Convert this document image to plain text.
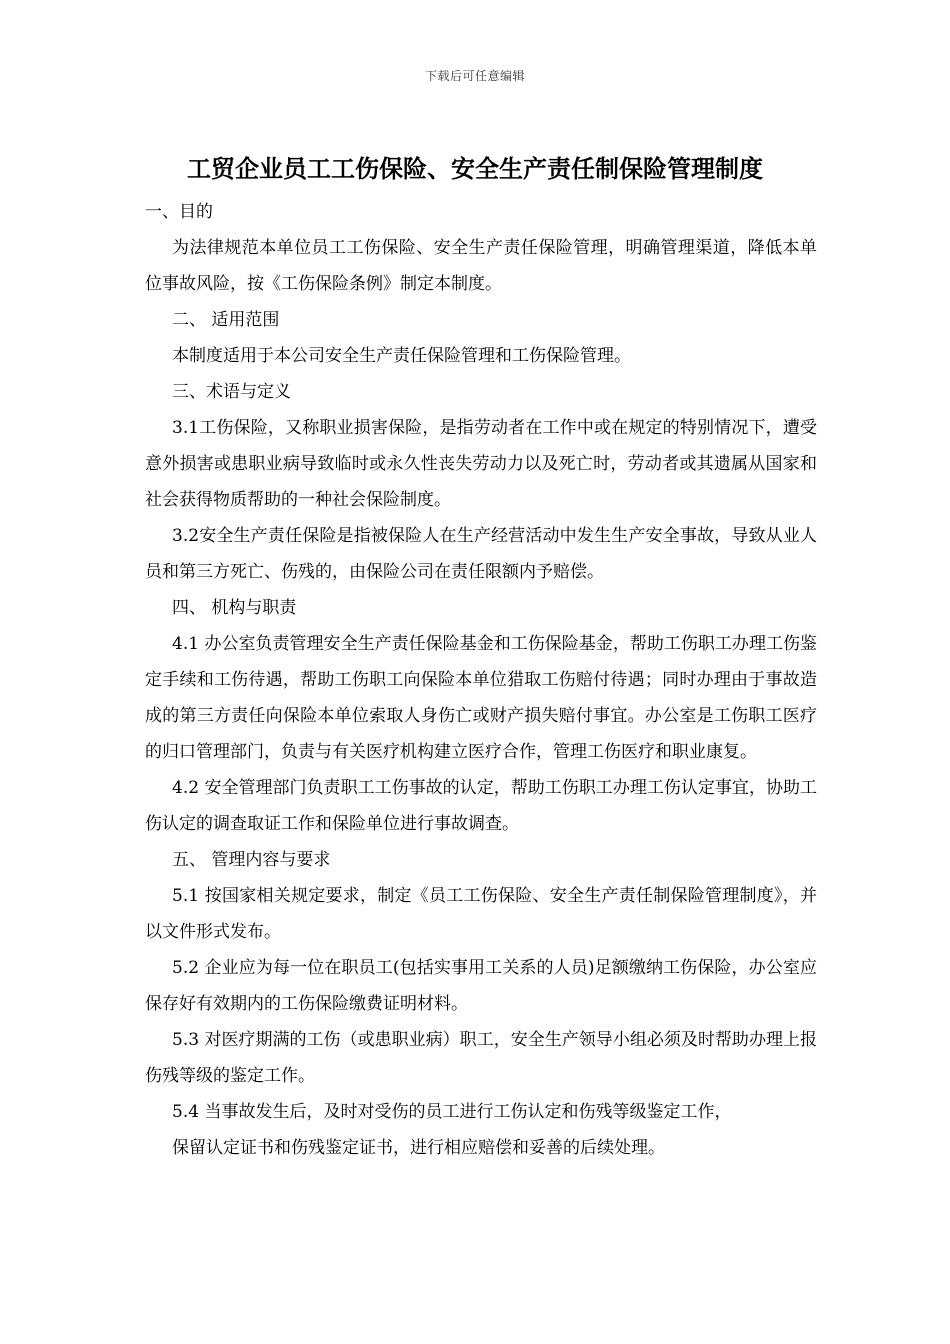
下载后可任意编辑
工贸企业员工工伤保险、安全生产责任制保险管理制度

一、目的

为法律规范本单位员工工伤保险、安全生产责任保险管理，明确管理渠道，降低本单位事故风险，按《工伤保险条例》制定本制度。

二、 适用范围

本制度适用于本公司安全生产责任保险管理和工伤保险管理。

三、术语与定义

3.1工伤保险，又称职业损害保险，是指劳动者在工作中或在规定的特别情况下，遭受意外损害或患职业病导致临时或永久性丧失劳动力以及死亡时，劳动者或其遗属从国家和社会获得物质帮助的一种社会保险制度。

3.2安全生产责任保险是指被保险人在生产经营活动中发生生产安全事故，导致从业人员和第三方死亡、伤残的，由保险公司在责任限额内予赔偿。

四、 机构与职责

4.1 办公室负责管理安全生产责任保险基金和工伤保险基金，帮助工伤职工办理工伤鉴定手续和工伤待遇，帮助工伤职工向保险本单位猎取工伤赔付待遇；同时办理由于事故造成的第三方责任向保险本单位索取人身伤亡或财产损失赔付事宜。办公室是工伤职工医疗的归口管理部门，负责与有关医疗机构建立医疗合作，管理工伤医疗和职业康复。

4.2 安全管理部门负责职工工伤事故的认定，帮助工伤职工办理工伤认定事宜，协助工伤认定的调查取证工作和保险单位进行事故调查。

五、 管理内容与要求

5.1 按国家相关规定要求，制定《员工工伤保险、安全生产责任制保险管理制度》，并以文件形式发布。

5.2 企业应为每一位在职员工(包括实事用工关系的人员)足额缴纳工伤保险，办公室应保存好有效期内的工伤保险缴费证明材料。

5.3 对医疗期满的工伤（或患职业病）职工，安全生产领导小组必须及时帮助办理上报伤残等级的鉴定工作。

5.4 当事故发生后，及时对受伤的员工进行工伤认定和伤残等级鉴定工作，

保留认定证书和伤残鉴定证书，进行相应赔偿和妥善的后续处理。
